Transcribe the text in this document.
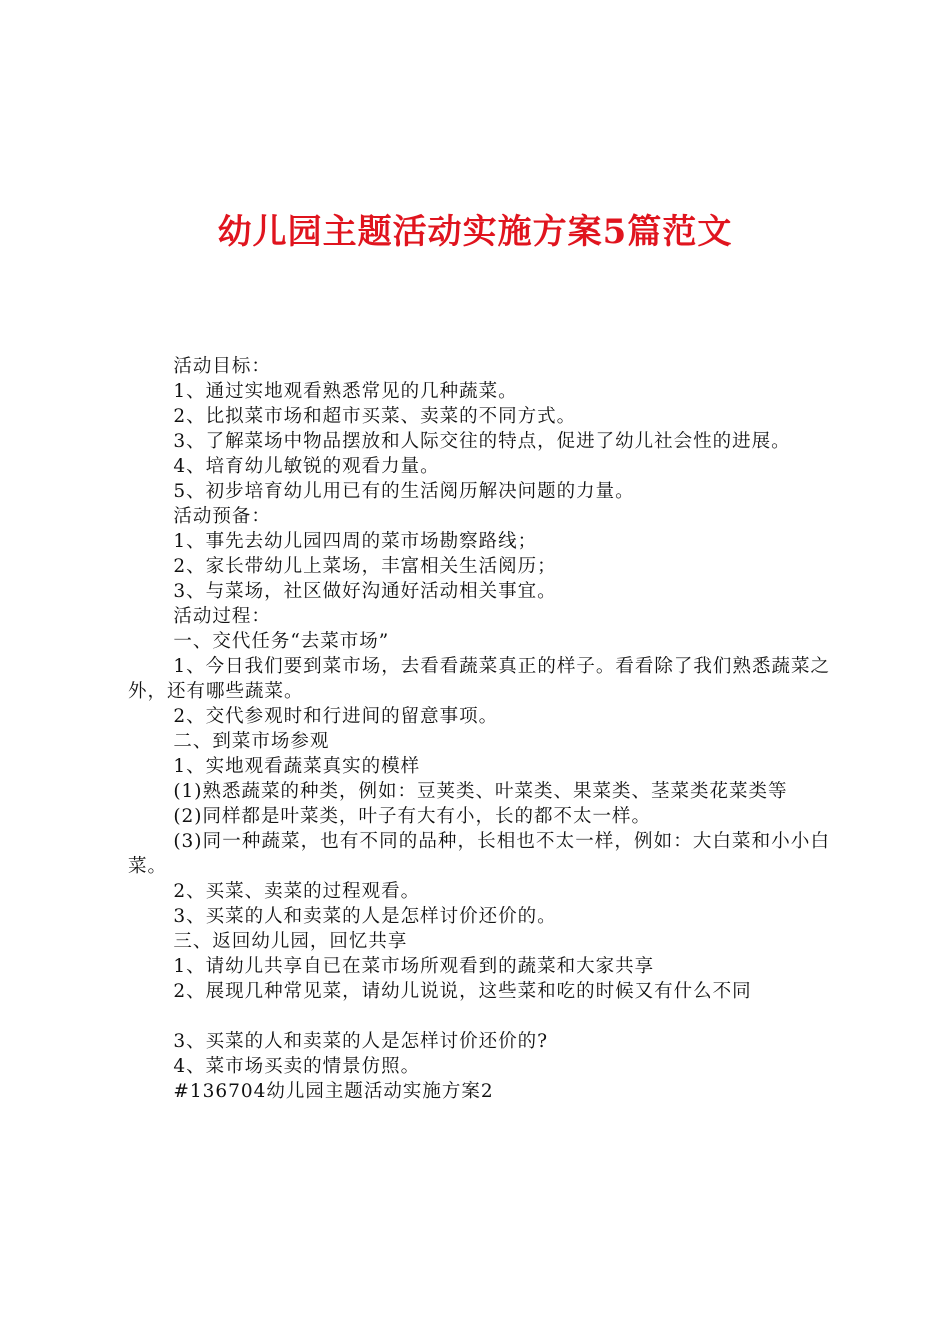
幼儿园主题活动实施方案5篇范文

活动目标：

1、通过实地观看熟悉常见的几种蔬菜。

2、比拟菜市场和超市买菜、卖菜的不同方式。

3、了解菜场中物品摆放和人际交往的特点，促进了幼儿社会性的进展。

4、培育幼儿敏锐的观看力量。

5、初步培育幼儿用已有的生活阅历解决问题的力量。

活动预备：

1、事先去幼儿园四周的菜市场勘察路线；

2、家长带幼儿上菜场，丰富相关生活阅历；

3、与菜场，社区做好沟通好活动相关事宜。

活动过程：

一、交代任务“去菜市场”

1、今日我们要到菜市场，去看看蔬菜真正的样子。看看除了我们熟悉蔬菜之外，还有哪些蔬菜。

2、交代参观时和行进间的留意事项。

二、到菜市场参观

1、实地观看蔬菜真实的模样

(1)熟悉蔬菜的种类，例如：豆荚类、叶菜类、果菜类、茎菜类花菜类等

(2)同样都是叶菜类，叶子有大有小，长的都不太一样。

(3)同一种蔬菜，也有不同的品种，长相也不太一样，例如：大白菜和小小白菜。

2、买菜、卖菜的过程观看。

3、买菜的人和卖菜的人是怎样讨价还价的。

三、返回幼儿园，回忆共享

1、请幼儿共享自已在菜市场所观看到的蔬菜和大家共享

2、展现几种常见菜，请幼儿说说，这些菜和吃的时候又有什么不同

3、买菜的人和卖菜的人是怎样讨价还价的?

4、菜市场买卖的情景仿照。

#136704幼儿园主题活动实施方案2
